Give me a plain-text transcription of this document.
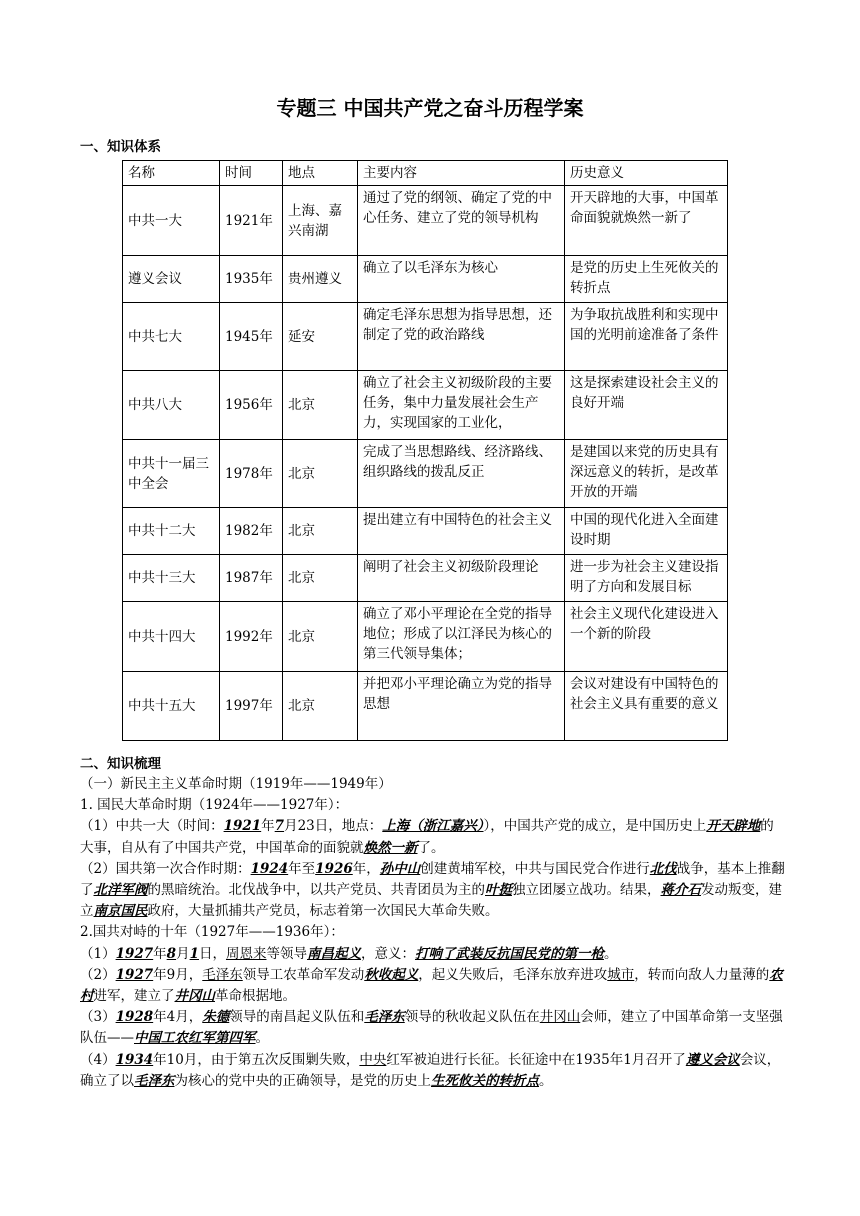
专题三 中国共产党之奋斗历程学案
一、知识体系
名称	时间	地点	主要内容	历史意义
中共一大	1921年	上海、嘉兴南湖	通过了党的纲领、确定了党的中心任务、建立了党的领导机构	开天辟地的大事，中国革命面貌就焕然一新了
遵义会议	1935年	贵州遵义	确立了以毛泽东为核心	是党的历史上生死攸关的转折点
中共七大	1945年	延安	确定毛泽东思想为指导思想，还制定了党的政治路线	为争取抗战胜利和实现中国的光明前途准备了条件
中共八大	1956年	北京	确立了社会主义初级阶段的主要任务，集中力量发展社会生产力，实现国家的工业化，	这是探索建设社会主义的良好开端
中共十一届三中全会	1978年	北京	完成了当思想路线、经济路线、组织路线的拨乱反正	是建国以来党的历史具有深远意义的转折，是改革开放的开端
中共十二大	1982年	北京	提出建立有中国特色的社会主义	中国的现代化进入全面建设时期
中共十三大	1987年	北京	阐明了社会主义初级阶段理论	进一步为社会主义建设指明了方向和发展目标
中共十四大	1992年	北京	确立了邓小平理论在全党的指导地位；形成了以江泽民为核心的第三代领导集体；	社会主义现代化建设进入一个新的阶段
中共十五大	1997年	北京	并把邓小平理论确立为党的指导思想	会议对建设有中国特色的社会主义具有重要的意义
二、知识梳理

（一）新民主主义革命时期（1919年——1949年）

1. 国民大革命时期（1924年——1927年）：

（1）中共一大（时间：1921年7月23日，地点：上海（浙江嘉兴）），中国共产党的成立，是中国历史上开天辟地的大事，自从有了中国共产党，中国革命的面貌就焕然一新了。

（2）国共第一次合作时期：1924年至1926年，孙中山创建黄埔军校，中共与国民党合作进行北伐战争，基本上推翻了北洋军阀的黑暗统治。北伐战争中，以共产党员、共青团员为主的叶挺独立团屡立战功。结果，蒋介石发动叛变，建立南京国民政府，大量抓捕共产党员，标志着第一次国民大革命失败。

2.国共对峙的十年（1927年——1936年）：

（1）1927年8月1日，周恩来等领导南昌起义，意义：打响了武装反抗国民党的第一枪。

（2）1927年9月，毛泽东领导工农革命军发动秋收起义，起义失败后，毛泽东放弃进攻城市，转而向敌人力量薄的农村进军，建立了井冈山革命根据地。

（3）1928年4月，朱德领导的南昌起义队伍和毛泽东领导的秋收起义队伍在井冈山会师，建立了中国革命第一支坚强队伍——中国工农红军第四军。

（4）1934年10月，由于第五次反围剿失败，中央红军被迫进行长征。长征途中在1935年1月召开了遵义会议会议，确立了以毛泽东为核心的党中央的正确领导，是党的历史上生死攸关的转折点。
